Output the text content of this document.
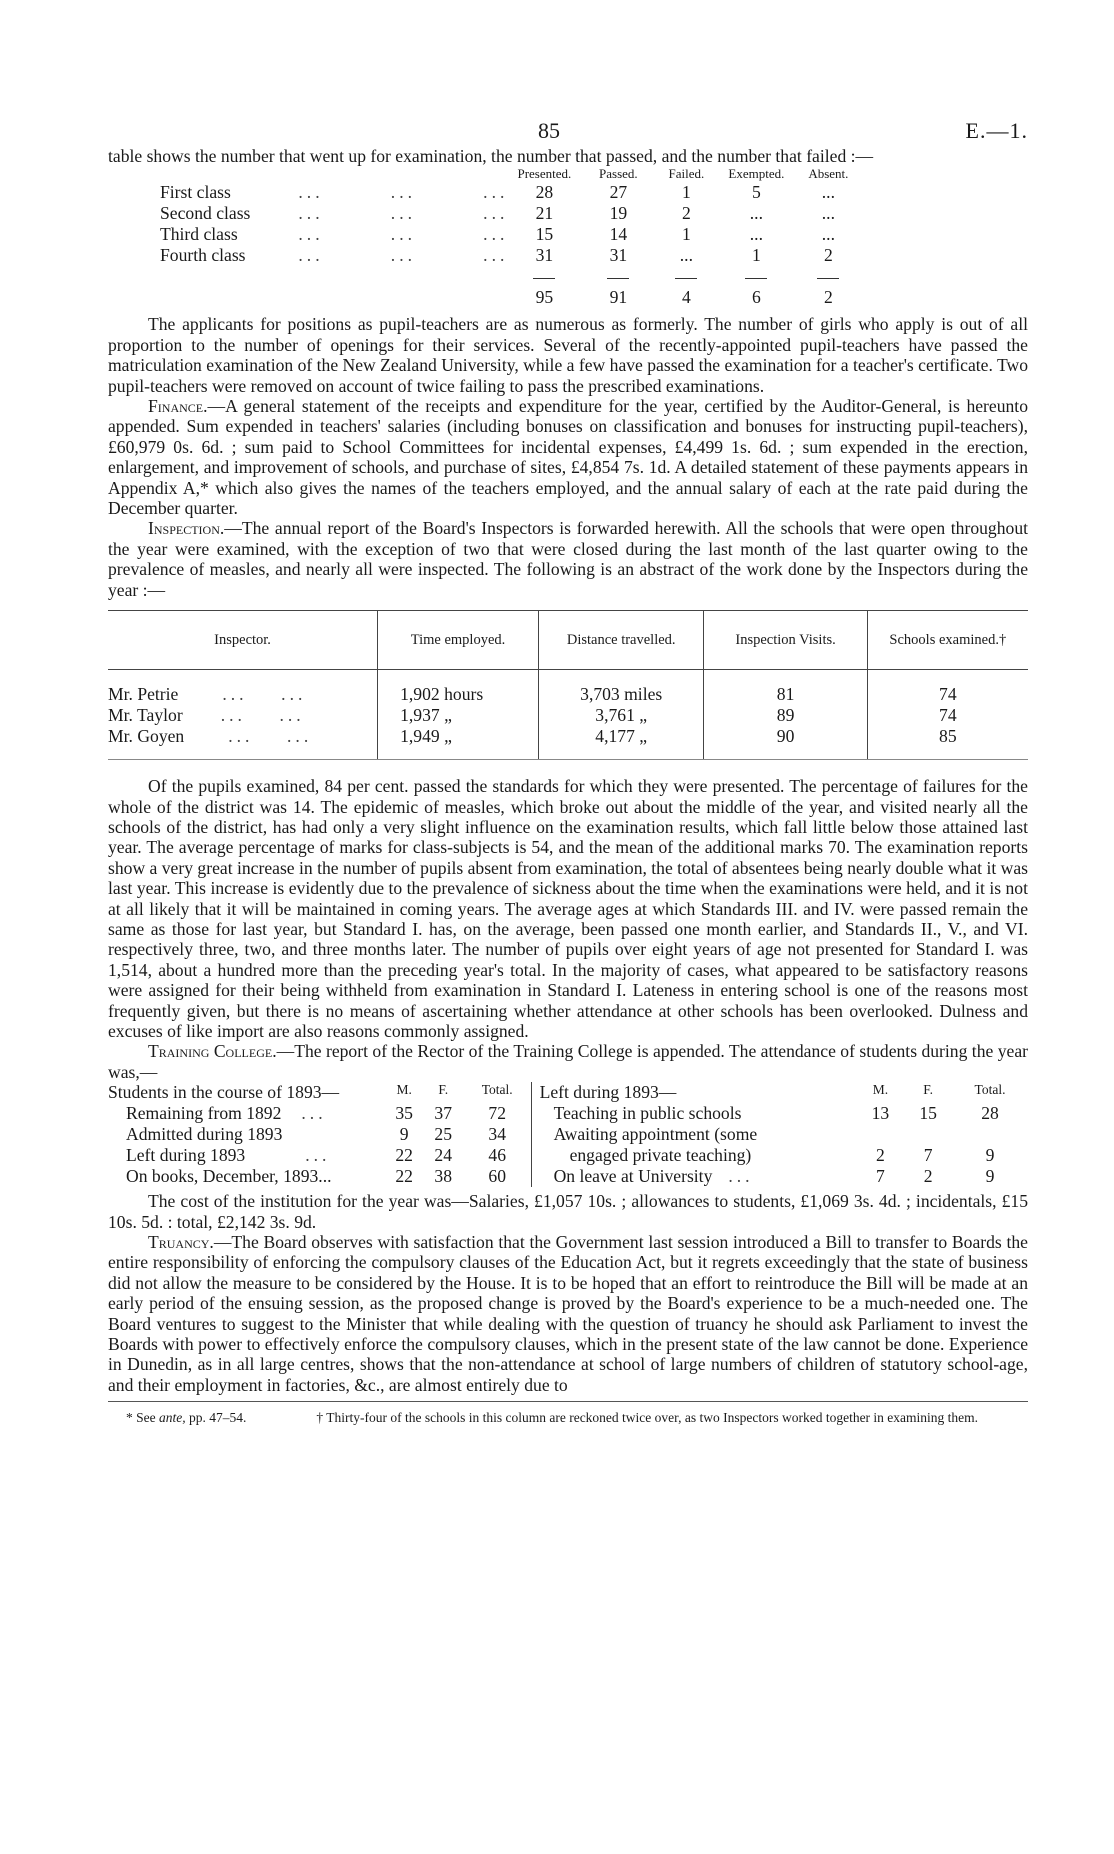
85	E.—1.

table shows the number that went up for examination, the number that passed, and the number that failed :—

		Presented.	Passed.	Failed.	Exempted.	Absent.
First class	...        ...        ...	28	27	1	5	...
Second class	...        ...        ...	21	19	2	...	...
Third class	...        ...        ...	15	14	1	...	...
Fourth class	...        ...        ...	31	31	...	1	2

		95	91	4	6	2

The applicants for positions as pupil-teachers are as numerous as formerly. The number of girls who apply is out of all proportion to the number of openings for their services. Several of the recently-appointed pupil-teachers have passed the matriculation examination of the New Zealand University, while a few have passed the examination for a teacher's certificate. Two pupil-teachers were removed on account of twice failing to pass the prescribed examinations.

Finance.—A general statement of the receipts and expenditure for the year, certified by the Auditor-General, is hereunto appended. Sum expended in teachers' salaries (including bonuses on classification and bonuses for instructing pupil-teachers), £60,979 0s. 6d. ; sum paid to School Committees for incidental expenses, £4,499 1s. 6d. ; sum expended in the erection, enlargement, and improvement of schools, and purchase of sites, £4,854 7s. 1d. A detailed statement of these payments appears in Appendix A,* which also gives the names of the teachers employed, and the annual salary of each at the rate paid during the December quarter.

Inspection.—The annual report of the Board's Inspectors is forwarded herewith. All the schools that were open throughout the year were examined, with the exception of two that were closed during the last month of the last quarter owing to the prevalence of measles, and nearly all were inspected. The following is an abstract of the work done by the Inspectors during the year :—

Inspector.	Time employed.	Distance travelled.	Inspection Visits.	Schools examined.†
Mr. Petrie ...    ...	1,902 hours	3,703 miles	81	74
Mr. Taylor ...    ...	1,937 „	3,761 „	89	74
Mr. Goyen ...    ...	1,949 „	4,177 „	90	85

Of the pupils examined, 84 per cent. passed the standards for which they were presented. The percentage of failures for the whole of the district was 14. The epidemic of measles, which broke out about the middle of the year, and visited nearly all the schools of the district, has had only a very slight influence on the examination results, which fall little below those attained last year. The average percentage of marks for class-subjects is 54, and the mean of the additional marks 70. The examination reports show a very great increase in the number of pupils absent from examination, the total of absentees being nearly double what it was last year. This increase is evidently due to the prevalence of sickness about the time when the examinations were held, and it is not at all likely that it will be maintained in coming years. The average ages at which Standards III. and IV. were passed remain the same as those for last year, but Standard I. has, on the average, been passed one month earlier, and Standards II., V., and VI. respectively three, two, and three months later. The number of pupils over eight years of age not presented for Standard I. was 1,514, about a hundred more than the preceding year's total. In the majority of cases, what appeared to be satisfactory reasons were assigned for their being withheld from examination in Standard I. Lateness in entering school is one of the reasons most frequently given, but there is no means of ascertaining whether attendance at other schools has been overlooked. Dulness and excuses of like import are also reasons commonly assigned.

Training College.—The report of the Rector of the Training College is appended. The attendance of students during the year was,—

Students in the course of 1893—	M.	F.	Total.	Left during 1893—	M.	F.	Total.
Remaining from 1892 ...	35	37	72	Teaching in public schools	13	15	28
Admitted during 1893	9	25	34	Awaiting appointment (some			
Left during 1893 ...	22	24	46	engaged private teaching)	2	7	9
On books, December, 1893...	22	38	60	On leave at University ...	7	2	9

The cost of the institution for the year was—Salaries, £1,057 10s. ; allowances to students, £1,069 3s. 4d. ; incidentals, £15 10s. 5d. : total, £2,142 3s. 9d.

Truancy.—The Board observes with satisfaction that the Government last session introduced a Bill to transfer to Boards the entire responsibility of enforcing the compulsory clauses of the Education Act, but it regrets exceedingly that the state of business did not allow the measure to be considered by the House. It is to be hoped that an effort to reintroduce the Bill will be made at an early period of the ensuing session, as the proposed change is proved by the Board's experience to be a much-needed one. The Board ventures to suggest to the Minister that while dealing with the question of truancy he should ask Parliament to invest the Boards with power to effectively enforce the compulsory clauses, which in the present state of the law cannot be done. Experience in Dunedin, as in all large centres, shows that the non-attendance at school of large numbers of children of statutory school-age, and their employment in factories, &c., are almost entirely due to

* See ante, pp. 47–54.	† Thirty-four of the schools in this column are reckoned twice over, as two Inspectors worked together in examining them.
